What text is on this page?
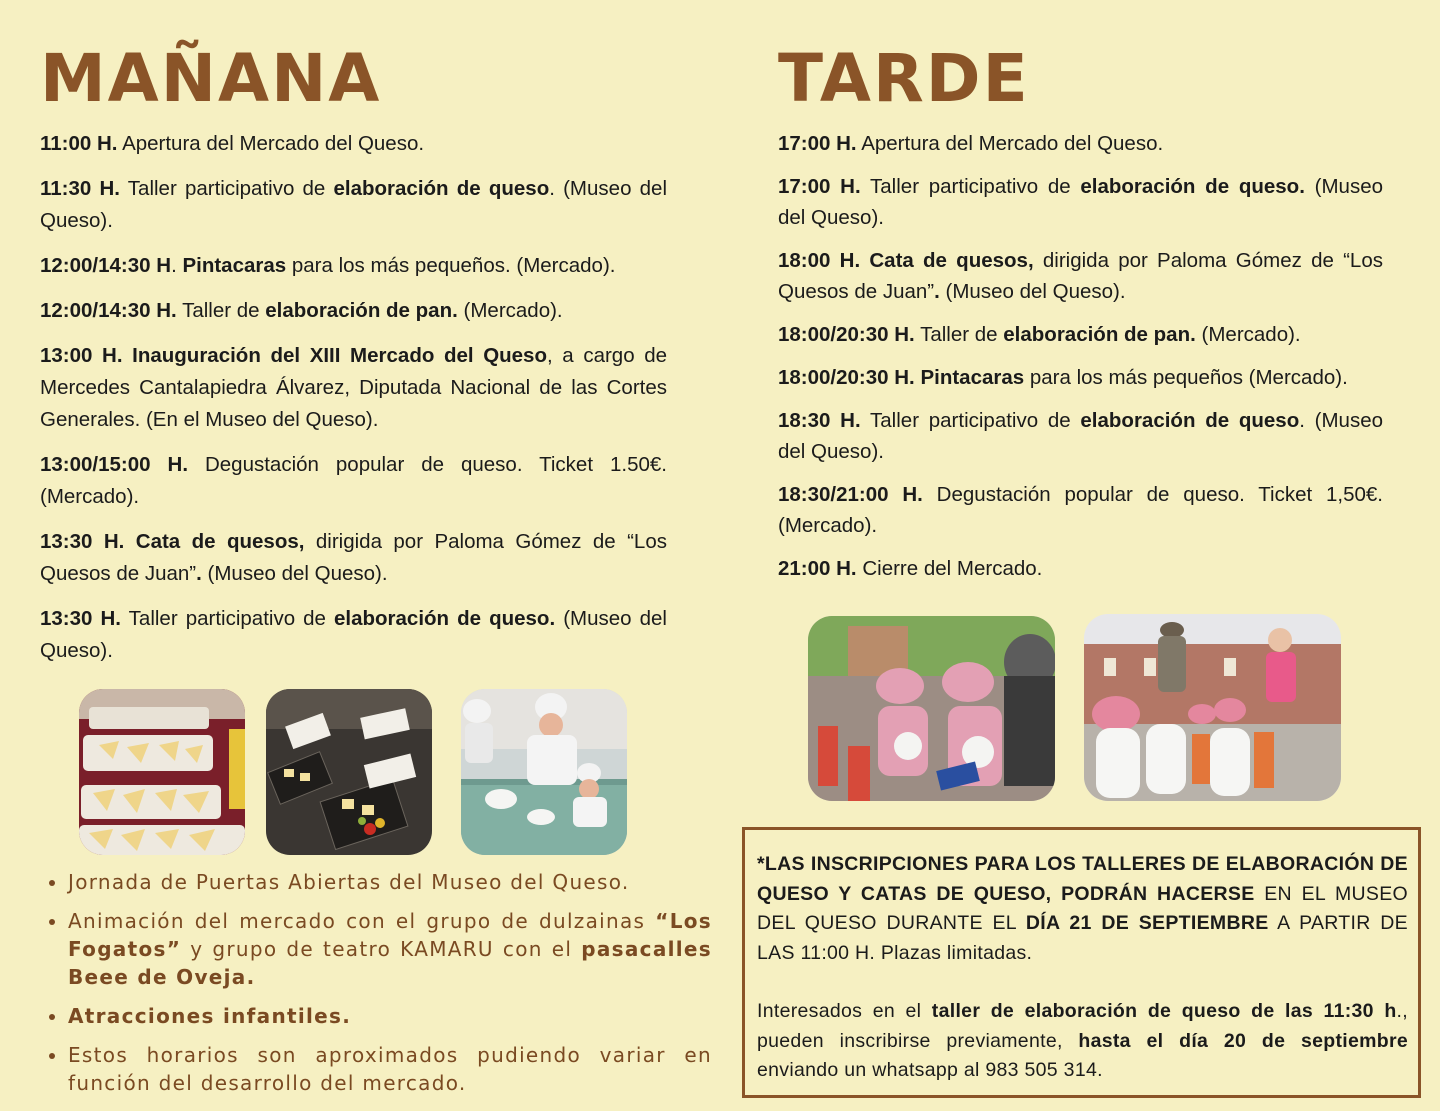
MAÑANA

11:00 H. Apertura del Mercado del Queso.

11:30 H. Taller participativo de elaboración de queso. (Museo del Queso).

12:00/14:30 H. Pintacaras para los más pequeños. (Mercado).

12:00/14:30 H. Taller de elaboración de pan. (Mercado).

13:00 H. Inauguración del XIII Mercado del Queso, a cargo de Mercedes Cantalapiedra Álvarez, Diputada Nacional de las Cortes Generales. (En el Museo del Queso).

13:00/15:00 H. Degustación popular de queso. Ticket 1.50€. (Mercado).

13:30 H. Cata de quesos, dirigida por Paloma Gómez de “Los Quesos de Juan”. (Museo del Queso).

13:30 H. Taller participativo de elaboración de queso. (Museo del Queso).

TARDE

17:00 H. Apertura del Mercado del Queso.

17:00 H. Taller participativo de elaboración de queso. (Museo del Queso).

18:00 H. Cata de quesos, dirigida por Paloma Gómez de “Los Quesos de Juan”. (Museo del Queso).

18:00/20:30 H. Taller de elaboración de pan. (Mercado).

18:00/20:30 H. Pintacaras para los más pequeños (Mercado).

18:30 H. Taller participativo de elaboración de queso. (Museo del Queso).

18:30/21:00 H. Degustación popular de queso. Ticket 1,50€. (Mercado).

21:00 H. Cierre del Mercado.

• Jornada de Puertas Abiertas del Museo del Queso.
• Animación del mercado con el grupo de dulzainas “Los Fogatos” y grupo de teatro KAMARU con el pasacalles Beee de Oveja.
• Atracciones infantiles.
• Estos horarios son aproximados pudiendo variar en función del desarrollo del mercado.

*LAS INSCRIPCIONES PARA LOS TALLERES DE ELABORACIÓN DE QUESO Y CATAS DE QUESO, PODRÁN HACERSE EN EL MUSEO DEL QUESO DURANTE EL DÍA 21 DE SEPTIEMBRE A PARTIR DE LAS 11:00 H. Plazas limitadas.

Interesados en el taller de elaboración de queso de las 11:30 h., pueden inscribirse previamente, hasta el día 20 de septiembre enviando un whatsapp al 983 505 314.
